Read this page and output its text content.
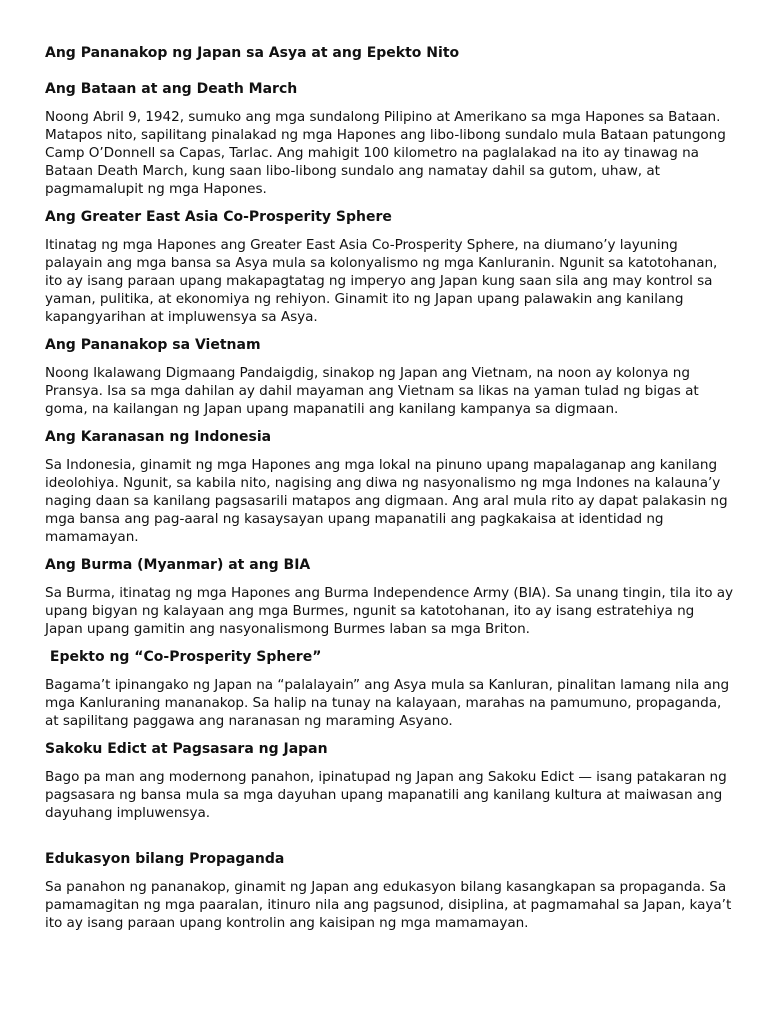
Ang Pananakop ng Japan sa Asya at ang Epekto Nito
Ang Bataan at ang Death March
Noong Abril 9, 1942, sumuko ang mga sundalong Pilipino at Amerikano sa mga Hapones sa Bataan. Matapos nito, sapilitang pinalakad ng mga Hapones ang libo-libong sundalo mula Bataan patungong Camp O’Donnell sa Capas, Tarlac. Ang mahigit 100 kilometro na paglalakad na ito ay tinawag na Bataan Death March, kung saan libo-libong sundalo ang namatay dahil sa gutom, uhaw, at pagmamalupit ng mga Hapones.
Ang Greater East Asia Co-Prosperity Sphere
Itinatag ng mga Hapones ang Greater East Asia Co-Prosperity Sphere, na diumano’y layuning palayain ang mga bansa sa Asya mula sa kolonyalismo ng mga Kanluranin. Ngunit sa katotohanan, ito ay isang paraan upang makapagtatag ng imperyo ang Japan kung saan sila ang may kontrol sa yaman, pulitika, at ekonomiya ng rehiyon. Ginamit ito ng Japan upang palawakin ang kanilang kapangyarihan at impluwensya sa Asya.
Ang Pananakop sa Vietnam
Noong Ikalawang Digmaang Pandaigdig, sinakop ng Japan ang Vietnam, na noon ay kolonya ng Pransya. Isa sa mga dahilan ay dahil mayaman ang Vietnam sa likas na yaman tulad ng bigas at goma, na kailangan ng Japan upang mapanatili ang kanilang kampanya sa digmaan.
Ang Karanasan ng Indonesia
Sa Indonesia, ginamit ng mga Hapones ang mga lokal na pinuno upang mapalaganap ang kanilang ideolohiya. Ngunit, sa kabila nito, nagising ang diwa ng nasyonalismo ng mga Indones na kalauna’y naging daan sa kanilang pagsasarili matapos ang digmaan. Ang aral mula rito ay dapat palakasin ng mga bansa ang pag-aaral ng kasaysayan upang mapanatili ang pagkakaisa at identidad ng mamamayan.
Ang Burma (Myanmar) at ang BIA
Sa Burma, itinatag ng mga Hapones ang Burma Independence Army (BIA). Sa unang tingin, tila ito ay upang bigyan ng kalayaan ang mga Burmes, ngunit sa katotohanan, ito ay isang estratehiya ng Japan upang gamitin ang nasyonalismong Burmes laban sa mga Briton.
Epekto ng “Co-Prosperity Sphere”
Bagama’t ipinangako ng Japan na “palalayain” ang Asya mula sa Kanluran, pinalitan lamang nila ang mga Kanluraning mananakop. Sa halip na tunay na kalayaan, marahas na pamumuno, propaganda, at sapilitang paggawa ang naranasan ng maraming Asyano.
Sakoku Edict at Pagsasara ng Japan
Bago pa man ang modernong panahon, ipinatupad ng Japan ang Sakoku Edict — isang patakaran ng pagsasara ng bansa mula sa mga dayuhan upang mapanatili ang kanilang kultura at maiwasan ang dayuhang impluwensya.
Edukasyon bilang Propaganda
Sa panahon ng pananakop, ginamit ng Japan ang edukasyon bilang kasangkapan sa propaganda. Sa pamamagitan ng mga paaralan, itinuro nila ang pagsunod, disiplina, at pagmamahal sa Japan, kaya’t ito ay isang paraan upang kontrolin ang kaisipan ng mga mamamayan.
